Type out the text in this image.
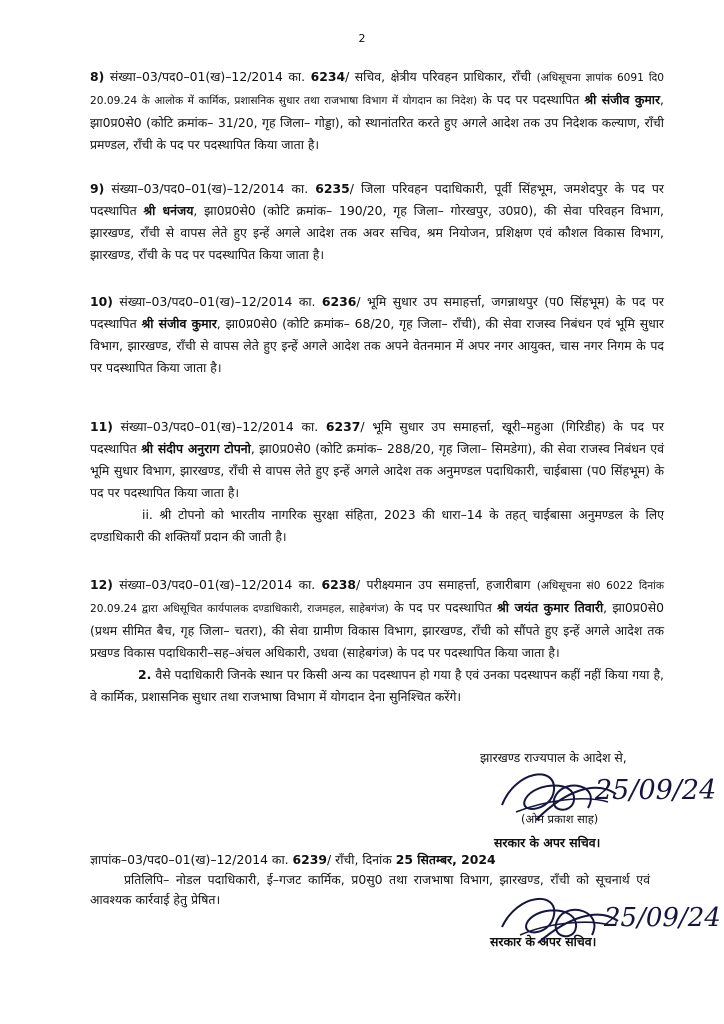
2
8) संख्या–03/पद0–01(ख)–12/2014 का. 6234/ सचिव, क्षेत्रीय परिवहन प्राधिकार, राँची (अधिसूचना ज्ञापांक 6091 दि0 20.09.24 के आलोक में कार्मिक, प्रशासनिक सुधार तथा राजभाषा विभाग में योगदान का निदेश) के पद पर पदस्थापित श्री संजीव कुमार, झा0प्र0से0 (कोटि क्रमांक– 31/20, गृह जिला– गोड्डा), को स्थानांतरित करते हुए अगले आदेश तक उप निदेशक कल्याण, राँची प्रमण्डल, राँची के पद पर पदस्थापित किया जाता है।
9) संख्या–03/पद0–01(ख)–12/2014 का. 6235/ जिला परिवहन पदाधिकारी, पूर्वी सिंहभूम, जमशेदपुर के पद पर पदस्थापित श्री धनंजय, झा0प्र0से0 (कोटि क्रमांक– 190/20, गृह जिला– गोरखपुर, उ0प्र0), की सेवा परिवहन विभाग, झारखण्ड, राँची से वापस लेते हुए इन्हें अगले आदेश तक अवर सचिव, श्रम नियोजन, प्रशिक्षण एवं कौशल विकास विभाग, झारखण्ड, राँची के पद पर पदस्थापित किया जाता है।
10) संख्या–03/पद0–01(ख)–12/2014 का. 6236/ भूमि सुधार उप समाहर्त्ता, जगन्नाथपुर (प0 सिंहभूम) के पद पर पदस्थापित श्री संजीव कुमार, झा0प्र0से0 (कोटि क्रमांक– 68/20, गृह जिला– राँची), की सेवा राजस्व निबंधन एवं भूमि सुधार विभाग, झारखण्ड, राँची से वापस लेते हुए इन्हें अगले आदेश तक अपने वेतनमान में अपर नगर आयुक्त, चास नगर निगम के पद पर पदस्थापित किया जाता है।
11) संख्या–03/पद0–01(ख)–12/2014 का. 6237/ भूमि सुधार उप समाहर्त्ता, खूरी–महुआ (गिरिडीह) के पद पर पदस्थापित श्री संदीप अनुराग टोपनो, झा0प्र0से0 (कोटि क्रमांक– 288/20, गृह जिला– सिमडेगा), की सेवा राजस्व निबंधन एवं भूमि सुधार विभाग, झारखण्ड, राँची से वापस लेते हुए इन्हें अगले आदेश तक अनुमण्डल पदाधिकारी, चाईबासा (प0 सिंहभूम) के पद पर पदस्थापित किया जाता है।
ii. श्री टोपनो को भारतीय नागरिक सुरक्षा संहिता, 2023 की धारा–14 के तहत् चाईबासा अनुमण्डल के लिए दण्डाधिकारी की शक्तियाँ प्रदान की जाती है।
12) संख्या–03/पद0–01(ख)–12/2014 का. 6238/ परीक्ष्यमान उप समाहर्त्ता, हजारीबाग (अधिसूचना सं0 6022 दिनांक 20.09.24 द्वारा अधिसूचित कार्यपालक दण्डाधिकारी, राजमहल, साहेबगंज) के पद पर पदस्थापित श्री जयंत कुमार तिवारी, झा0प्र0से0 (प्रथम सीमित बैच, गृह जिला– चतरा), की सेवा ग्रामीण विकास विभाग, झारखण्ड, राँची को सौंपते हुए इन्हें अगले आदेश तक प्रखण्ड विकास पदाधिकारी–सह–अंचल अधिकारी, उधवा (साहेबगंज) के पद पर पदस्थापित किया जाता है।
2. वैसे पदाधिकारी जिनके स्थान पर किसी अन्य का पदस्थापन हो गया है एवं उनका पदस्थापन कहीं नहीं किया गया है, वे कार्मिक, प्रशासनिक सुधार तथा राजभाषा विभाग में योगदान देना सुनिश्चित करेंगे।
झारखण्ड राज्यपाल के आदेश से,
25/09/24
(ओम प्रकाश साह)
सरकार के अपर सचिव।
ज्ञापांक–03/पद0–01(ख)–12/2014 का. 6239/ राँची, दिनांक 25 सितम्बर, 2024
प्रतिलिपि– नोडल पदाधिकारी, ई–गजट कार्मिक, प्र0सु0 तथा राजभाषा विभाग, झारखण्ड, राँची को सूचनार्थ एवं आवश्यक कार्रवाई हेतु प्रेषित।
25/09/24
सरकार के अपर सचिव।
